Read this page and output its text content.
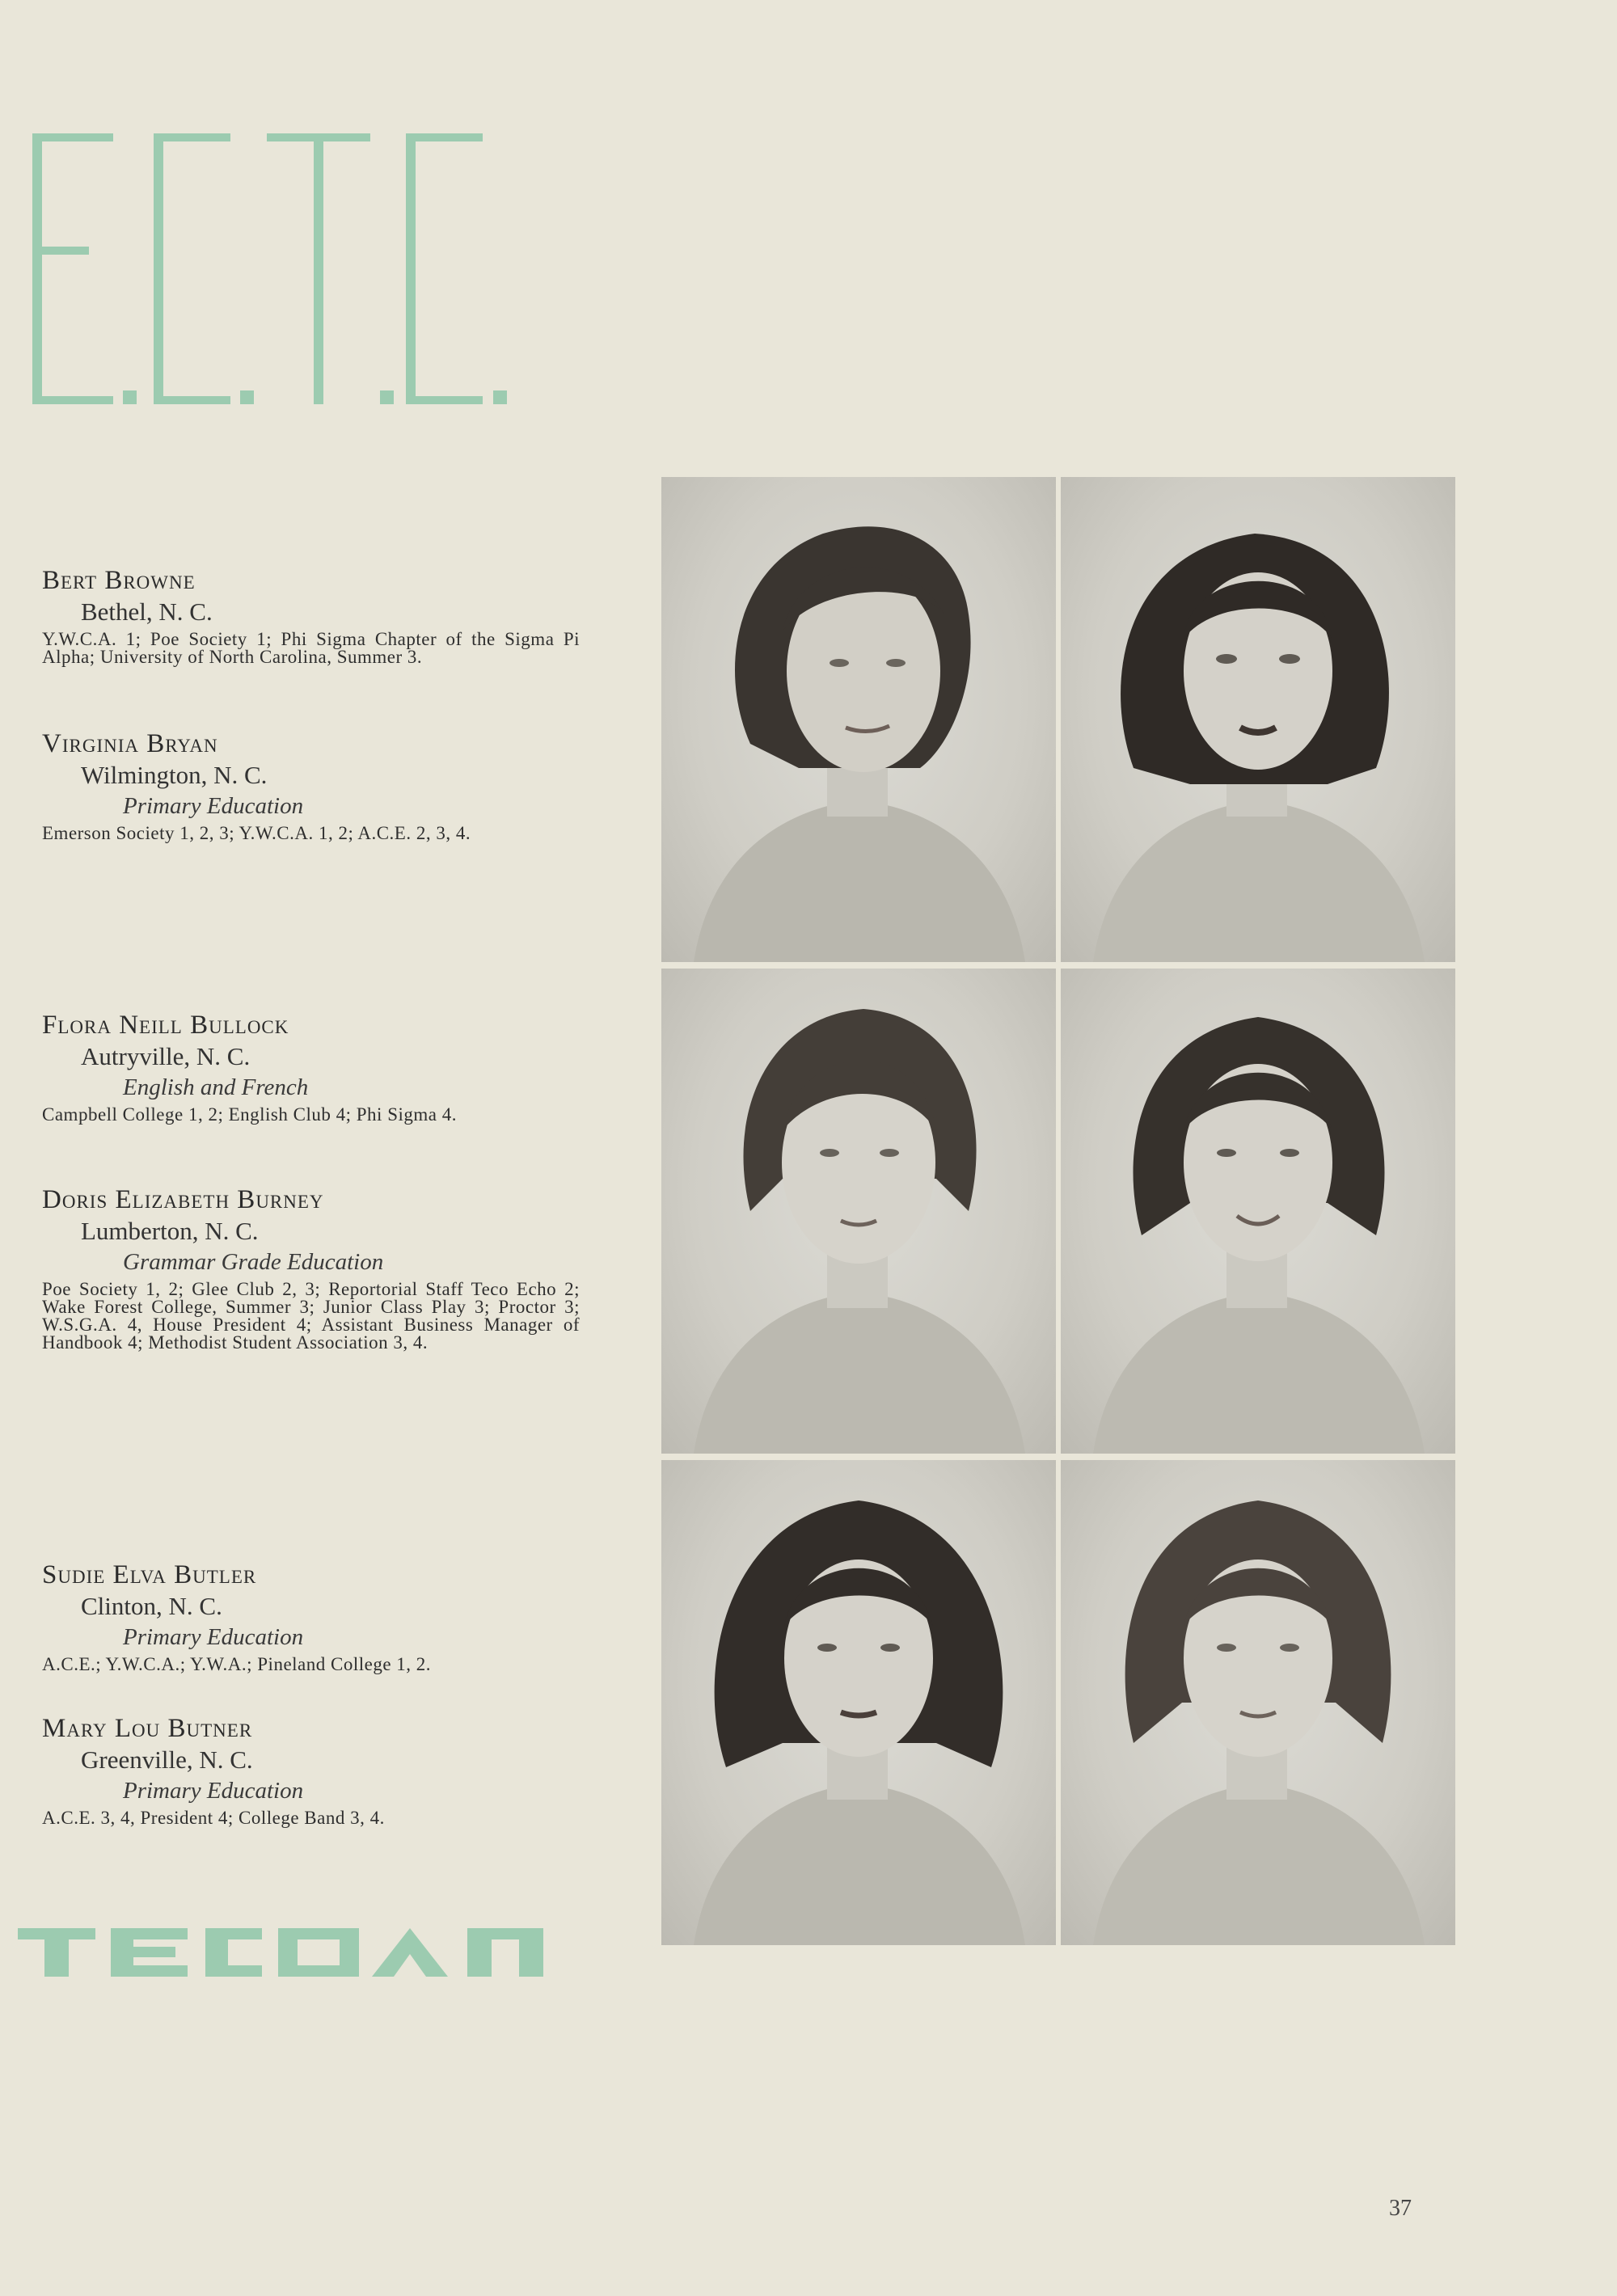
Bert Browne
Bethel, N. C.
Y.W.C.A. 1; Poe Society 1; Phi Sigma Chapter of the Sigma Pi Alpha; University of North Carolina, Summer 3.
Virginia Bryan
Wilmington, N. C.
Primary Education
Emerson Society 1, 2, 3; Y.W.C.A. 1, 2; A.C.E. 2, 3, 4.
Flora Neill Bullock
Autryville, N. C.
English and French
Campbell College 1, 2; English Club 4; Phi Sigma 4.
Doris Elizabeth Burney
Lumberton, N. C.
Grammar Grade Education
Poe Society 1, 2; Glee Club 2, 3; Reportorial Staff Teco Echo 2; Wake Forest College, Summer 3; Junior Class Play 3; Proctor 3; W.S.G.A. 4, House President 4; Assistant Business Manager of Handbook 4; Methodist Student Association 3, 4.
Sudie Elva Butler
Clinton, N. C.
Primary Education
A.C.E.; Y.W.C.A.; Y.W.A.; Pineland College 1, 2.
Mary Lou Butner
Greenville, N. C.
Primary Education
A.C.E. 3, 4, President 4; College Band 3, 4.
37
